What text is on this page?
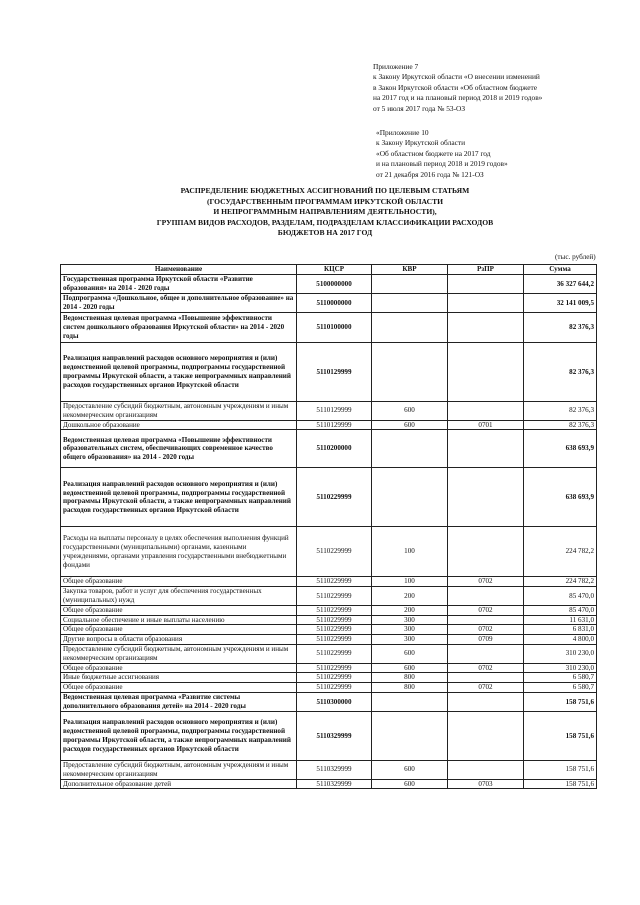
Приложение 7
к Закону Иркутской области «О внесении изменений
в Закон Иркутской области «Об областном бюджете
на 2017 год и на плановый период 2018 и 2019 годов»
от 5 июля 2017 года № 53-ОЗ
«Приложение 10
к Закону Иркутской области
«Об областном бюджете на 2017 год
и на плановый период 2018 и 2019 годов»
от 21 декабря 2016 года № 121-ОЗ
РАСПРЕДЕЛЕНИЕ БЮДЖЕТНЫХ АССИГНОВАНИЙ ПО ЦЕЛЕВЫМ СТАТЬЯМ
(ГОСУДАРСТВЕННЫМ ПРОГРАММАМ ИРКУТСКОЙ ОБЛАСТИ
И НЕПРОГРАММНЫМ НАПРАВЛЕНИЯМ ДЕЯТЕЛЬНОСТИ),
ГРУППАМ ВИДОВ РАСХОДОВ, РАЗДЕЛАМ, ПОДРАЗДЕЛАМ КЛАССИФИКАЦИИ РАСХОДОВ
БЮДЖЕТОВ НА 2017 ГОД
(тыс. рублей)
Наименование	КЦСР	КВР	РзПР	Сумма
Государственная программа Иркутской области «Развитие образования» на 2014 - 2020 годы	5100000000			36 327 644,2
Подпрограмма «Дошкольное, общее и дополнительное образование» на 2014 - 2020 годы	5110000000			32 141 009,5
Ведомственная целевая программа «Повышение эффективности систем дошкольного образования Иркутской области» на 2014 - 2020 годы	5110100000			82 376,3
Реализация направлений расходов основного мероприятия и (или) ведомственной целевой программы, подпрограммы государственной программы Иркутской области, а также непрограммных направлений расходов государственных органов Иркутской области	5110129999			82 376,3
Предоставление субсидий бюджетным, автономным учреждениям и иным некоммерческим организациям	5110129999	600		82 376,3
Дошкольное образование	5110129999	600	0701	82 376,3
Ведомственная целевая программа «Повышение эффективности образовательных систем, обеспечивающих современное качество общего образования» на 2014 - 2020 годы	5110200000			638 693,9
Реализация направлений расходов основного мероприятия и (или) ведомственной целевой программы, подпрограммы государственной программы Иркутской области, а также непрограммных направлений расходов государственных органов Иркутской области	5110229999			638 693,9
Расходы на выплаты персоналу в целях обеспечения выполнения функций государственными (муниципальными) органами, казенными учреждениями, органами управления государственными внебюджетными фондами	5110229999	100		224 782,2
Общее образование	5110229999	100	0702	224 782,2
Закупка товаров, работ и услуг для обеспечения государственных (муниципальных) нужд	5110229999	200		85 470,0
Общее образование	5110229999	200	0702	85 470,0
Социальное обеспечение и иные выплаты населению	5110229999	300		11 631,0
Общее образование	5110229999	300	0702	6 831,0
Другие вопросы в области образования	5110229999	300	0709	4 800,0
Предоставление субсидий бюджетным, автономным учреждениям и иным некоммерческим организациям	5110229999	600		310 230,0
Общее образование	5110229999	600	0702	310 230,0
Иные бюджетные ассигнования	5110229999	800		6 580,7
Общее образование	5110229999	800	0702	6 580,7
Ведомственная целевая программа «Развитие системы дополнительного образования детей» на 2014 - 2020 годы	5110300000			158 751,6
Реализация направлений расходов основного мероприятия и (или) ведомственной целевой программы, подпрограммы государственной программы Иркутской области, а также непрограммных направлений расходов государственных органов Иркутской области	5110329999			158 751,6
Предоставление субсидий бюджетным, автономным учреждениям и иным некоммерческим организациям	5110329999	600		158 751,6
Дополнительное образование детей	5110329999	600	0703	158 751,6
